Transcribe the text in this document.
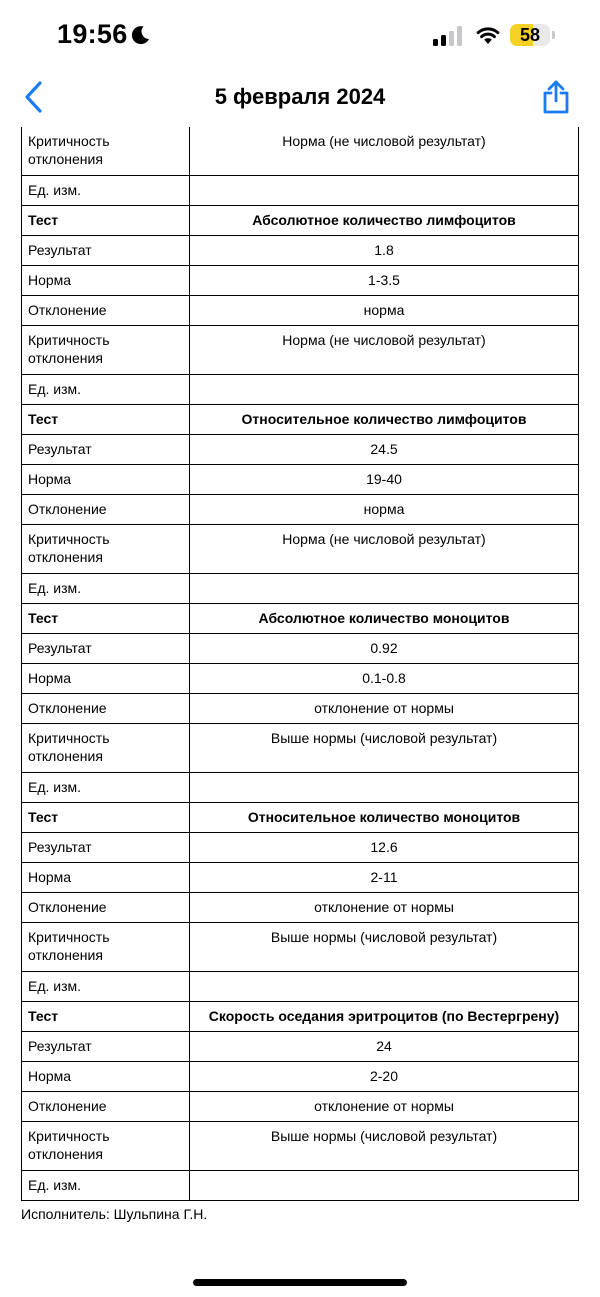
19:56	58
5 февраля 2024
Критичность отклонения	Норма (не числовой результат)
Ед. изм.	
Тест	Абсолютное количество лимфоцитов
Результат	1.8
Норма	1-3.5
Отклонение	норма
Критичность отклонения	Норма (не числовой результат)
Ед. изм.	
Тест	Относительное количество лимфоцитов
Результат	24.5
Норма	19-40
Отклонение	норма
Критичность отклонения	Норма (не числовой результат)
Ед. изм.	
Тест	Абсолютное количество моноцитов
Результат	0.92
Норма	0.1-0.8
Отклонение	отклонение от нормы
Критичность отклонения	Выше нормы (числовой результат)
Ед. изм.	
Тест	Относительное количество моноцитов
Результат	12.6
Норма	2-11
Отклонение	отклонение от нормы
Критичность отклонения	Выше нормы (числовой результат)
Ед. изм.	
Тест	Скорость оседания эритроцитов (по Вестергрену)
Результат	24
Норма	2-20
Отклонение	отклонение от нормы
Критичность отклонения	Выше нормы (числовой результат)
Ед. изм.	
Исполнитель: Шульпина Г.Н.
